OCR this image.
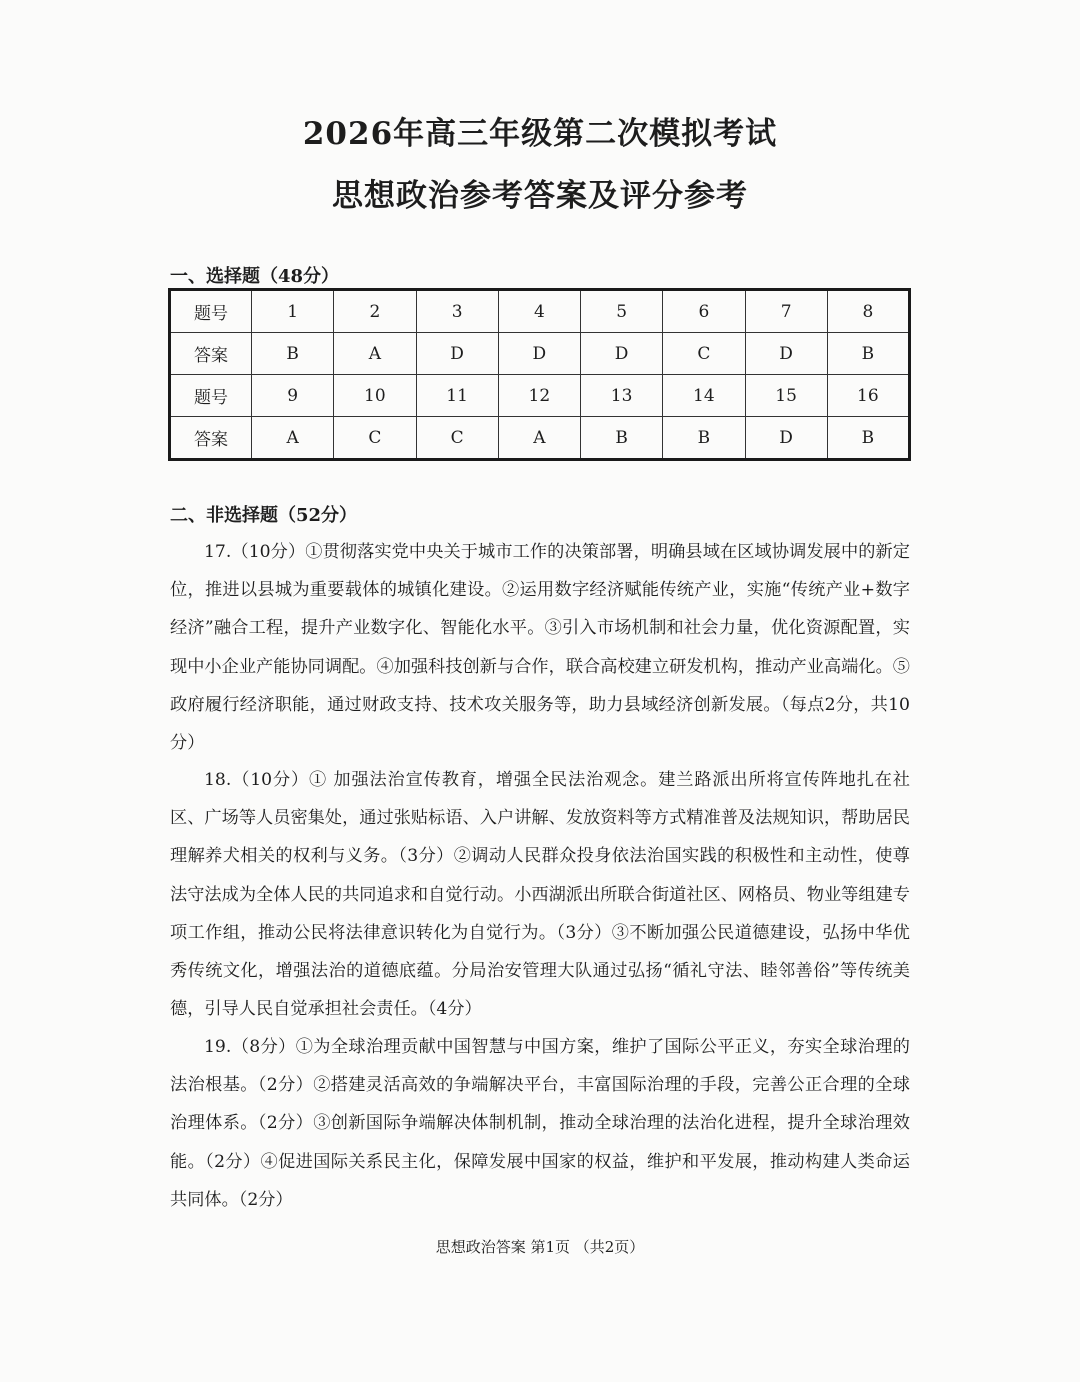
2026年高三年级第二次模拟考试
思想政治参考答案及评分参考
一、选择题（48分）
题号	1	2	3	4	5	6	7	8
答案	B	A	D	D	D	C	D	B
题号	9	10	11	12	13	14	15	16
答案	A	C	C	A	B	B	D	B
二、非选择题（52分）

17.（10分）①贯彻落实党中央关于城市工作的决策部署，明确县域在区域协调发展中的新定位，推进以县城为重要载体的城镇化建设。②运用数字经济赋能传统产业，实施“传统产业+数字经济”融合工程，提升产业数字化、智能化水平。③引入市场机制和社会力量，优化资源配置，实现中小企业产能协同调配。④加强科技创新与合作，联合高校建立研发机构，推动产业高端化。⑤政府履行经济职能，通过财政支持、技术攻关服务等，助力县域经济创新发展。（每点2分，共10分）

18.（10分）① 加强法治宣传教育，增强全民法治观念。建兰路派出所将宣传阵地扎在社区、广场等人员密集处，通过张贴标语、入户讲解、发放资料等方式精准普及法规知识，帮助居民理解养犬相关的权利与义务。（3分）②调动人民群众投身依法治国实践的积极性和主动性，使尊法守法成为全体人民的共同追求和自觉行动。小西湖派出所联合街道社区、网格员、物业等组建专项工作组，推动公民将法律意识转化为自觉行为。（3分）③不断加强公民道德建设，弘扬中华优秀传统文化，增强法治的道德底蕴。分局治安管理大队通过弘扬“循礼守法、睦邻善俗”等传统美德，引导人民自觉承担社会责任。（4分）

19.（8分）①为全球治理贡献中国智慧与中国方案，维护了国际公平正义，夯实全球治理的法治根基。（2分）②搭建灵活高效的争端解决平台，丰富国际治理的手段，完善公正合理的全球治理体系。（2分）③创新国际争端解决体制机制，推动全球治理的法治化进程，提升全球治理效能。（2分）④促进国际关系民主化，保障发展中国家的权益，维护和平发展，推动构建人类命运共同体。（2分）

思想政治答案 第1页 （共2页）
